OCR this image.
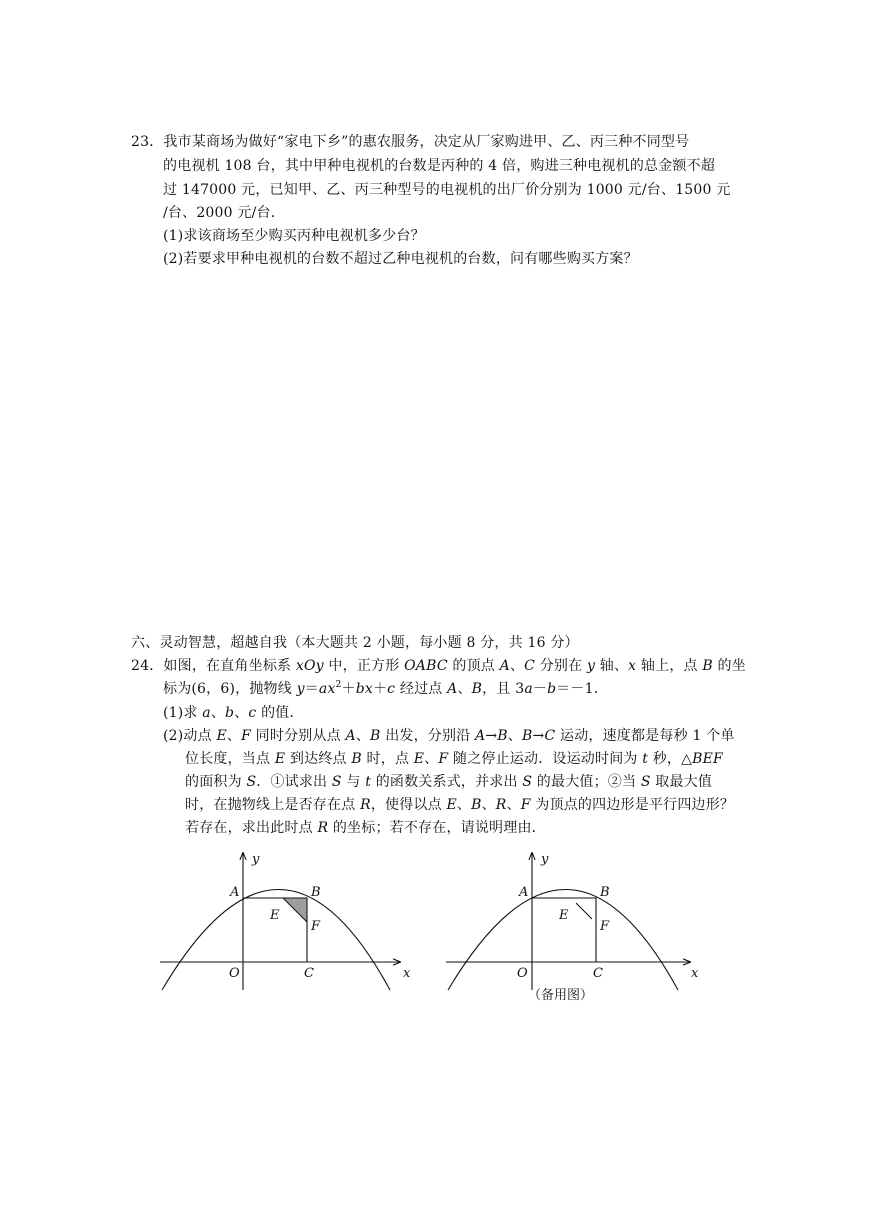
23．我市某商场为做好“家电下乡”的惠农服务，决定从厂家购进甲、乙、丙三种不同型号
的电视机 108 台，其中甲种电视机的台数是丙种的 4 倍，购进三种电视机的总金额不超
过 147000 元，已知甲、乙、丙三种型号的电视机的出厂价分别为 1000 元/台、1500 元
/台、2000 元/台．
(1)求该商场至少购买丙种电视机多少台？
(2)若要求甲种电视机的台数不超过乙种电视机的台数，问有哪些购买方案？
六、灵动智慧，超越自我（本大题共 2 小题，每小题 8 分，共 16 分）
24．如图，在直角坐标系 xOy 中，正方形 OABC 的顶点 A、C 分别在 y 轴、x 轴上，点 B 的坐
标为(6，6)，抛物线 $y=ax^2+bx+c$ 经过点 A、B，且 3a－b＝－1．
(1)求 a、b、c 的值．
(2)动点 E、F 同时分别从点 A、B 出发，分别沿 A→B、B→C 运动，速度都是每秒 1 个单
位长度，当点 E 到达终点 B 时，点 E、F 随之停止运动．设运动时间为 t 秒，△BEF
的面积为 S．①试求出 S 与 t 的函数关系式，并求出 S 的最大值；②当 S 取最大值
时，在抛物线上是否存在点 R，使得以点 E、B、R、F 为顶点的四边形是平行四边形？
若存在，求出此时点 R 的坐标；若不存在，请说明理由．
y
A	B
E
F
O	C	x
y
A	B
E
F
O	C	x
（备用图）
